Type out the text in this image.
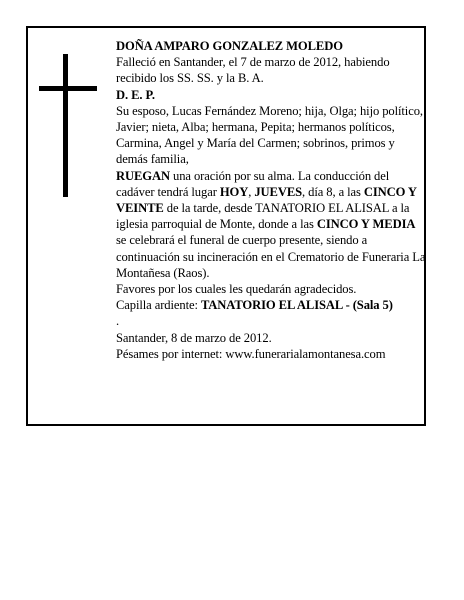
DOÑA AMPARO GONZALEZ MOLEDO

Falleció en Santander, el 7 de marzo de 2012, habiendo recibido los SS. SS. y la B. A.

D. E. P.

Su esposo, Lucas Fernández Moreno; hija, Olga; hijo político, Javier; nieta, Alba; hermana, Pepita; hermanos políticos, Carmina, Angel y María del Carmen; sobrinos, primos y demás familia,

RUEGAN una oración por su alma. La conducción del cadáver tendrá lugar HOY, JUEVES, día 8, a las CINCO Y VEINTE de la tarde, desde TANATORIO EL ALISAL a la iglesia parroquial de Monte, donde a las CINCO Y MEDIA se celebrará el funeral de cuerpo presente, siendo a continuación su incineración en el Crematorio de Funeraria La Montañesa (Raos).

Favores por los cuales les quedarán agradecidos.

Capilla ardiente: TANATORIO EL ALISAL - (Sala 5)

.

Santander, 8 de marzo de 2012.

Pésames por internet: www.funerarialamontanesa.com
